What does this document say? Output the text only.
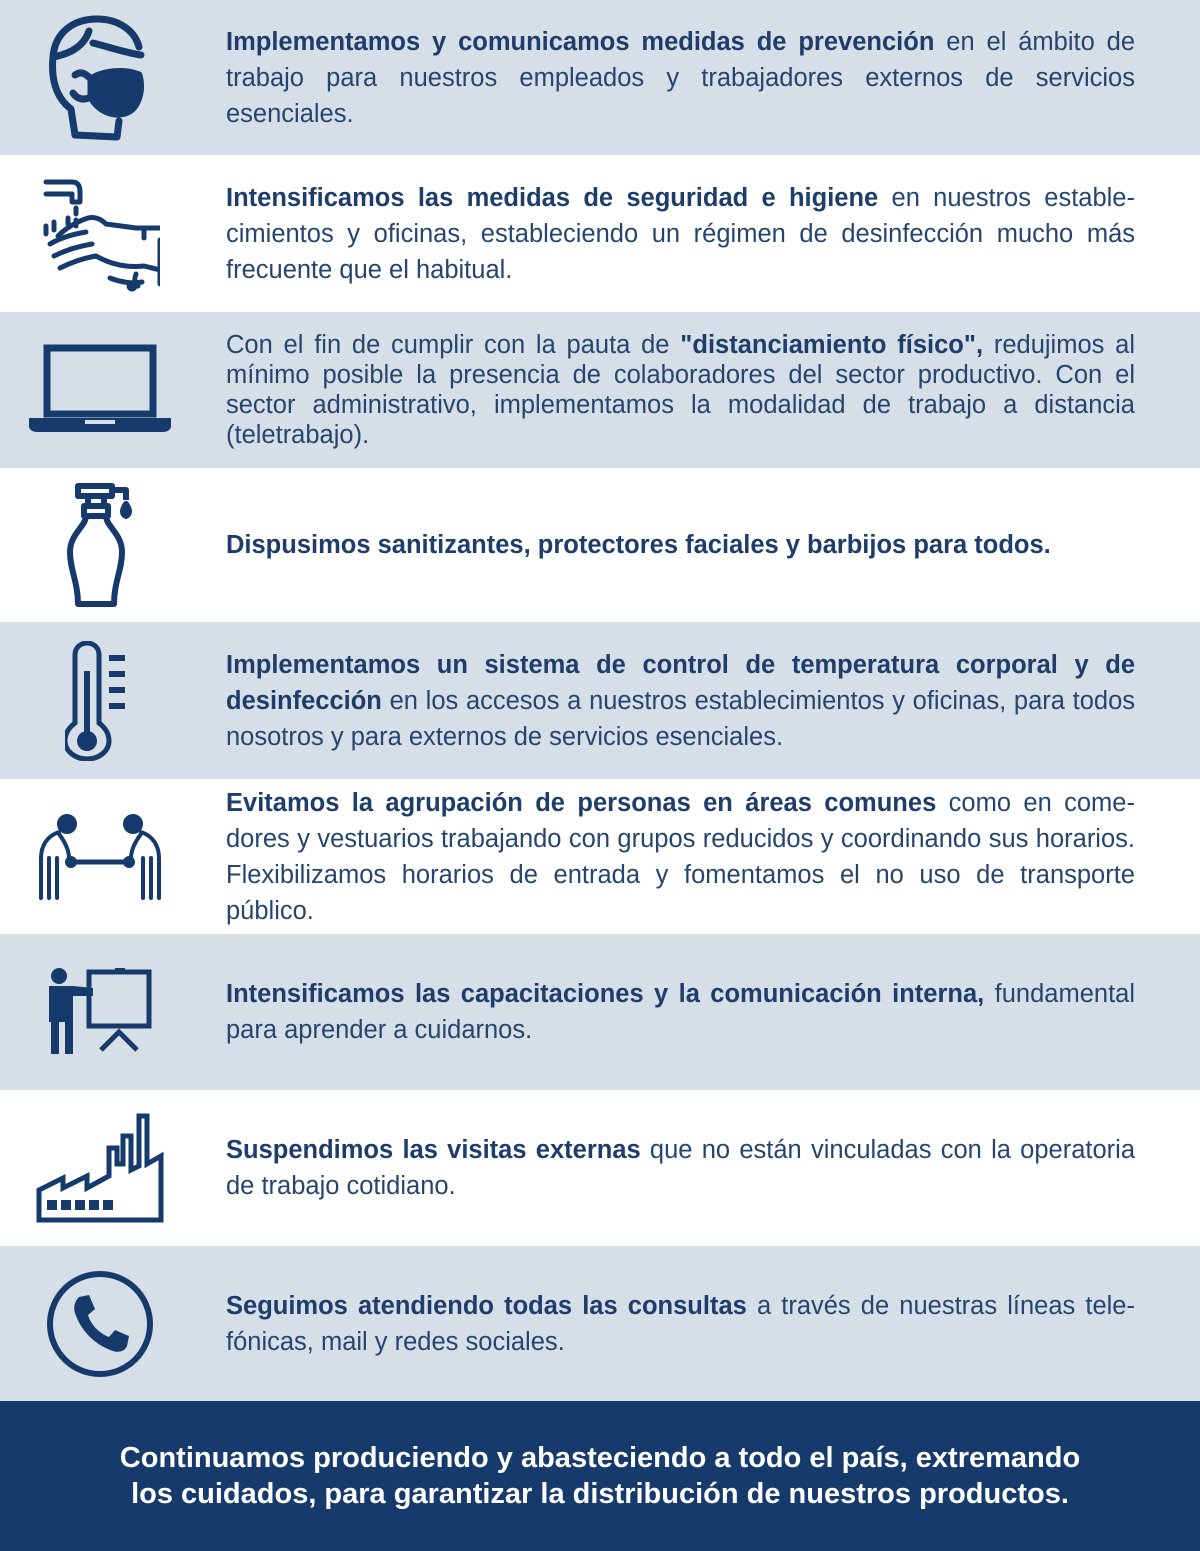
Implementamos y comunicamos medidas de prevención en el ámbito de trabajo para nuestros empleados y trabajadores externos de servicios esenciales.
Intensificamos las medidas de seguridad e higiene en nuestros establecimientos y oficinas, estableciendo un régimen de desinfección mucho más frecuente que el habitual.
Con el fin de cumplir con la pauta de "distanciamiento físico", redujimos al mínimo posible la presencia de colaboradores del sector productivo. Con el sector administrativo, implementamos la modalidad de trabajo a distancia (teletrabajo).
Dispusimos sanitizantes, protectores faciales y barbijos para todos.
Implementamos un sistema de control de temperatura corporal y de desinfección en los accesos a nuestros establecimientos y oficinas, para todos nosotros y para externos de servicios esenciales.
Evitamos la agrupación de personas en áreas comunes como en comedores y vestuarios trabajando con grupos reducidos y coordinando sus horarios. Flexibilizamos horarios de entrada y fomentamos el no uso de transporte público.
Intensificamos las capacitaciones y la comunicación interna, fundamental para aprender a cuidarnos.
Suspendimos las visitas externas que no están vinculadas con la operatoria de trabajo cotidiano.
Seguimos atendiendo todas las consultas a través de nuestras líneas telefónicas, mail y redes sociales.
Continuamos produciendo y abasteciendo a todo el país, extremando
los cuidados, para garantizar la distribución de nuestros productos.
